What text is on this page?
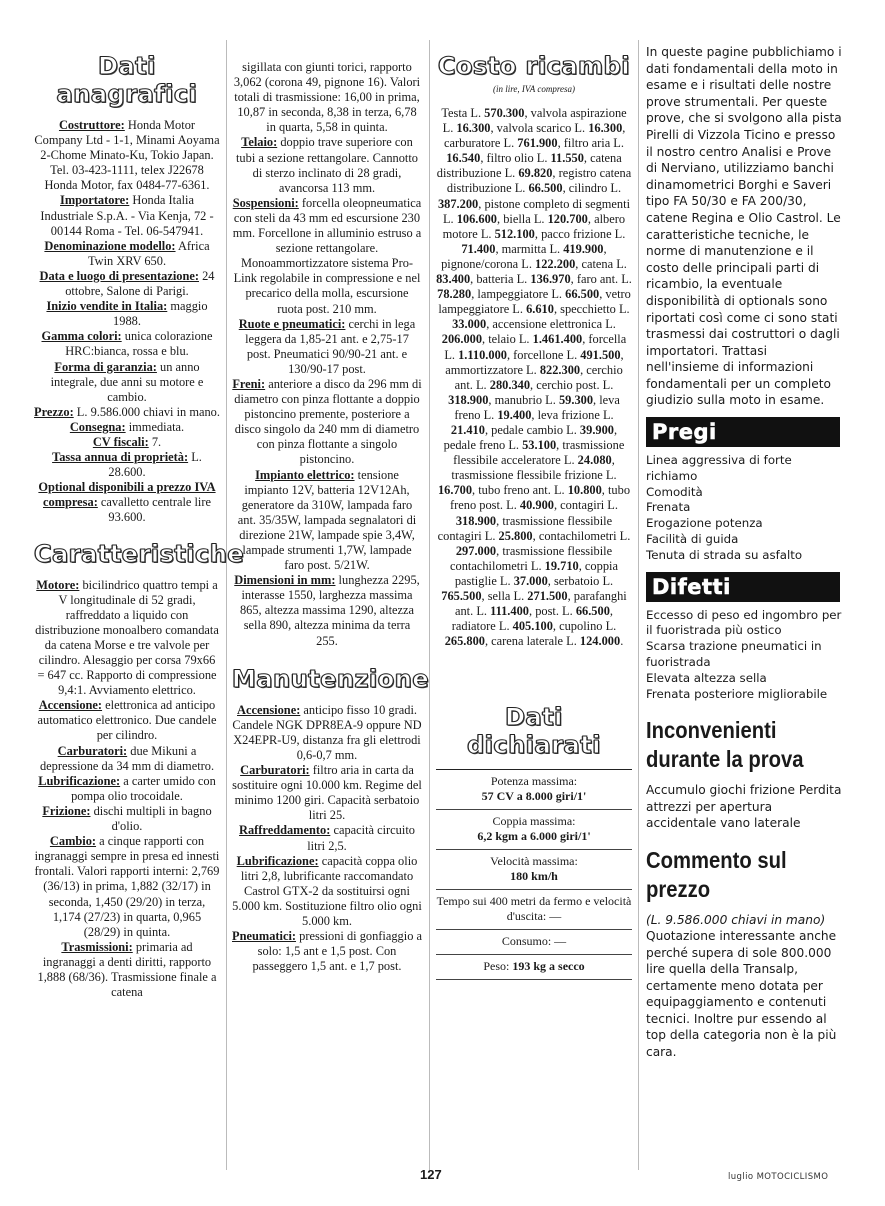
Dati anagrafici

Costruttore: Honda Motor Company Ltd - 1-1, Minami Aoyama 2-Chome Minato-Ku, Tokio Japan. Tel. 03-423-1111, telex J22678 Honda Motor, fax 0484-77-6361.

Importatore: Honda Italia Industriale S.p.A. - Via Kenja, 72 - 00144 Roma - Tel. 06-547941.

Denominazione modello: Africa Twin XRV 650.

Data e luogo di presentazione: 24 ottobre, Salone di Parigi.

Inizio vendite in Italia: maggio 1988.

Gamma colori: unica colorazione HRC:bianca, rossa e blu.

Forma di garanzia: un anno integrale, due anni su motore e cambio.

Prezzo: L. 9.586.000 chiavi in mano.

Consegna: immediata.

CV fiscali: 7.

Tassa annua di proprietà: L. 28.600.

Optional disponibili a prezzo IVA compresa: cavalletto centrale lire 93.600.

Caratteristiche

Motore: bicilindrico quattro tempi a V longitudinale di 52 gradi, raffreddato a liquido con distribuzione monoalbero comandata da catena Morse e tre valvole per cilindro. Alesaggio per corsa 79x66 = 647 cc. Rapporto di compressione 9,4:1. Avviamento elettrico.

Accensione: elettronica ad anticipo automatico elettronico. Due candele per cilindro.

Carburatori: due Mikuni a depressione da 34 mm di diametro.

Lubrificazione: a carter umido con pompa olio trocoidale.

Frizione: dischi multipli in bagno d'olio.

Cambio: a cinque rapporti con ingranaggi sempre in presa ed innesti frontali. Valori rapporti interni: 2,769 (36/13) in prima, 1,882 (32/17) in seconda, 1,450 (29/20) in terza, 1,174 (27/23) in quarta, 0,965 (28/29) in quinta.

Trasmissioni: primaria ad ingranaggi a denti diritti, rapporto 1,888 (68/36). Trasmissione finale a catena

sigillata con giunti torici, rapporto 3,062 (corona 49, pignone 16). Valori totali di trasmissione: 16,00 in prima, 10,87 in seconda, 8,38 in terza, 6,78 in quarta, 5,58 in quinta.

Telaio: doppio trave superiore con tubi a sezione rettangolare. Cannotto di sterzo inclinato di 28 gradi, avancorsa 113 mm.

Sospensioni: forcella oleopneumatica con steli da 43 mm ed escursione 230 mm. Forcellone in alluminio estruso a sezione rettangolare. Monoammortizzatore sistema Pro-Link regolabile in compressione e nel precarico della molla, escursione ruota post. 210 mm.

Ruote e pneumatici: cerchi in lega leggera da 1,85-21 ant. e 2,75-17 post. Pneumatici 90/90-21 ant. e 130/90-17 post.

Freni: anteriore a disco da 296 mm di diametro con pinza flottante a doppio pistoncino premente, posteriore a disco singolo da 240 mm di diametro con pinza flottante a singolo pistoncino.

Impianto elettrico: tensione impianto 12V, batteria 12V12Ah, generatore da 310W, lampada faro ant. 35/35W, lampada segnalatori di direzione 21W, lampade spie 3,4W, lampade strumenti 1,7W, lampade faro post. 5/21W.

Dimensioni in mm: lunghezza 2295, interasse 1550, larghezza massima 865, altezza massima 1290, altezza sella 890, altezza minima da terra 255.

Manutenzione

Accensione: anticipo fisso 10 gradi. Candele NGK DPR8EA-9 oppure ND X24EPR-U9, distanza fra gli elettrodi 0,6-0,7 mm.

Carburatori: filtro aria in carta da sostituire ogni 10.000 km. Regime del minimo 1200 giri. Capacità serbatoio litri 25.

Raffreddamento: capacità circuito litri 2,5.

Lubrificazione: capacità coppa olio litri 2,8, lubrificante raccomandato Castrol GTX-2 da sostituirsi ogni 5.000 km. Sostituzione filtro olio ogni 5.000 km.

Pneumatici: pressioni di gonfiaggio a solo: 1,5 ant e 1,5 post. Con passeggero 1,5 ant. e 1,7 post.

Costo ricambi
(in lire, IVA compresa)
Testa L. 570.300, valvola aspirazione L. 16.300, valvola scarico L. 16.300, carburatore L. 761.900, filtro aria L. 16.540, filtro olio L. 11.550, catena distribuzione L. 69.820, registro catena distribuzione L. 66.500, cilindro L. 387.200, pistone completo di segmenti L. 106.600, biella L. 120.700, albero motore L. 512.100, pacco frizione L. 71.400, marmitta L. 419.900, pignone/corona L. 122.200, catena L. 83.400, batteria L. 136.970, faro ant. L. 78.280, lampeggiatore L. 66.500, vetro lampeggiatore L. 6.610, specchietto L. 33.000, accensione elettronica L. 206.000, telaio L. 1.461.400, forcella L. 1.110.000, forcellone L. 491.500, ammortizzatore L. 822.300, cerchio ant. L. 280.340, cerchio post. L. 318.900, manubrio L. 59.300, leva freno L. 19.400, leva frizione L. 21.410, pedale cambio L. 39.900, pedale freno L. 53.100, trasmissione flessibile acceleratore L. 24.080, trasmissione flessibile frizione L. 16.700, tubo freno ant. L. 10.800, tubo freno post. L. 40.900, contagiri L. 318.900, trasmissione flessibile contagiri L. 25.800, contachilometri L. 297.000, trasmissione flessibile contachilometri L. 19.710, coppia pastiglie L. 37.000, serbatoio L. 765.500, sella L. 271.500, parafanghi ant. L. 111.400, post. L. 66.500, radiatore L. 405.100, cupolino L. 265.800, carena laterale L. 124.000.
Dati dichiarati
Potenza massima:
57 CV a 8.000 giri/1'
Coppia massima:
6,2 kgm a 6.000 giri/1'
Velocità massima:
180 km/h
Tempo sui 400 metri da fermo e velocità d'uscita: —
Consumo: —
Peso: 193 kg a secco
In queste pagine pubblichiamo i dati fondamentali della moto in esame e i risultati delle nostre prove strumentali. Per queste prove, che si svolgono alla pista Pirelli di Vizzola Ticino e presso il nostro centro Analisi e Prove di Nerviano, utilizziamo banchi dinamometrici Borghi e Saveri tipo FA 50/30 e FA 200/30, catene Regina e Olio Castrol. Le caratteristiche tecniche, le norme di manutenzione e il costo delle principali parti di ricambio, la eventuale disponibilità di optionals sono riportati così come ci sono stati trasmessi dai costruttori o dagli importatori. Trattasi nell'insieme di informazioni fondamentali per un completo giudizio sulla moto in esame.
Pregi
Linea aggressiva di forte richiamo
Comodità
Frenata
Erogazione potenza
Facilità di guida
Tenuta di strada su asfalto
Difetti
Eccesso di peso ed ingombro per il fuoristrada più ostico
Scarsa trazione pneumatici in fuoristrada
Elevata altezza sella
Frenata posteriore migliorabile
Inconvenienti durante la prova
Accumulo giochi frizione Perdita attrezzi per apertura accidentale vano laterale
Commento sul prezzo
(L. 9.586.000 chiavi in mano) Quotazione interessante anche perché supera di sole 800.000 lire quella della Transalp, certamente meno dotata per equipaggiamento e contenuti tecnici. Inoltre pur essendo al top della categoria non è la più cara.
127	luglio MOTOCICLISMO
